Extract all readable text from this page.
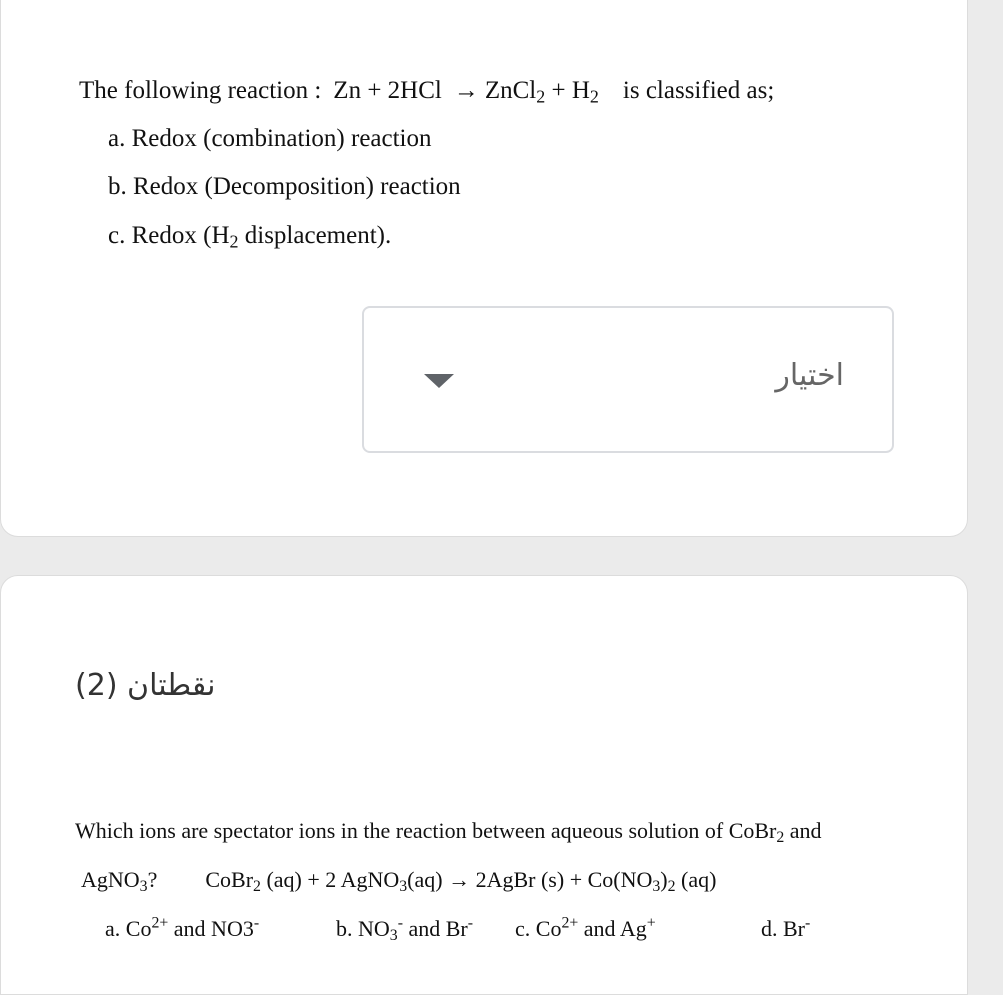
The following reaction : Zn + 2HCl → ZnCl$_2$ + $H_2$ is classified as;
a. Redox (combination) reaction
b. Redox (Decomposition) reaction
c. Redox ($H_2$ displacement).
اختيار
نقطتان (2)
Which ions are spectator ions in the reaction between aqueous solution of CoBr$_2$ and
AgNO$_3$? CoBr$_2$ (aq) + 2 AgNO$_3$(aq) → 2AgBr $(s) + Co(NO_3)_2$ (aq)
a. $Co^{2+}$ and NO3-	b. $NO_3^-$ and Br- c. $Co^{2+}$ and Ag+	d. Br-
